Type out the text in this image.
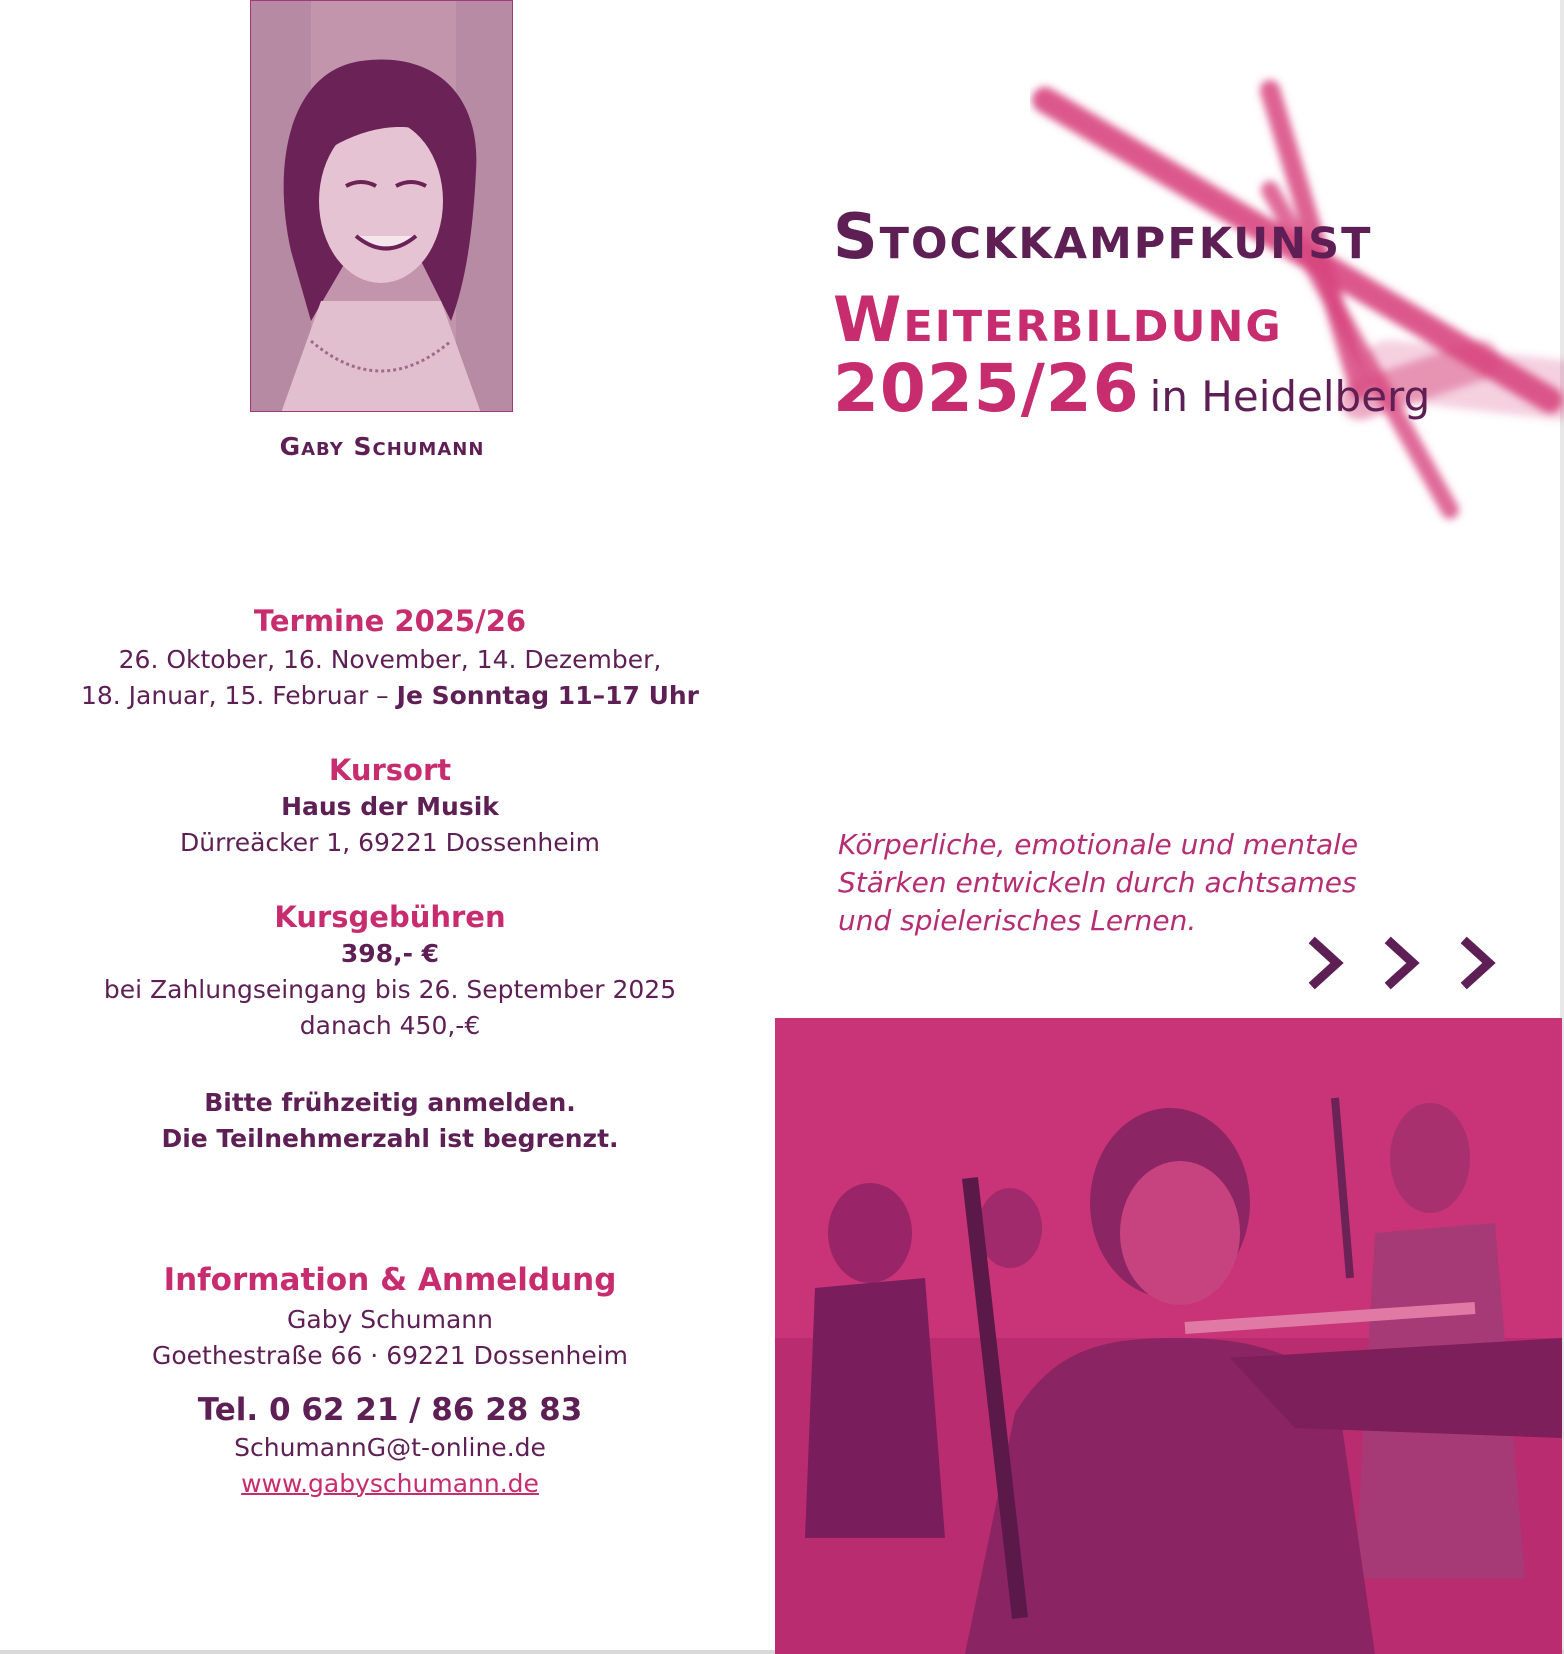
Gaby Schumann
Stockkampfkunst
Weiterbildung
2025/26 in Heidelberg
Termine 2025/26
26. Oktober, 16. November, 14. Dezember,
18. Januar, 15. Februar – Je Sonntag 11–17 Uhr
Kursort
Haus der Musik
Dürreäcker 1, 69221 Dossenheim
Kursgebühren
398,- €
bei Zahlungseingang bis 26. September 2025
danach 450,-€
Bitte frühzeitig anmelden.
Die Teilnehmerzahl ist begrenzt.
Information & Anmeldung
Gaby Schumann
Goethestraße 66 · 69221 Dossenheim
Tel. 0 62 21 / 86 28 83
SchumannG@t-online.de
www.gabyschumann.de
Körperliche, emotionale und mentale
Stärken entwickeln durch achtsames
und spielerisches Lernen.
